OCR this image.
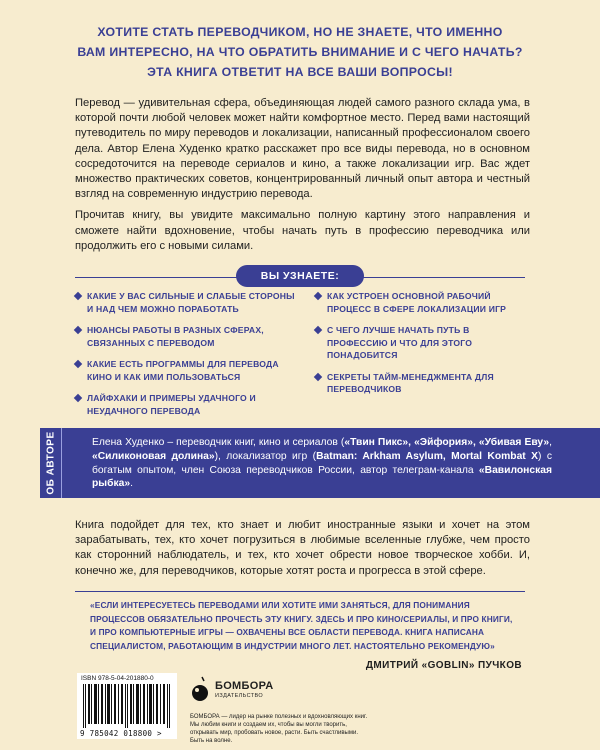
ХОТИТЕ СТАТЬ ПЕРЕВОДЧИКОМ, НО НЕ ЗНАЕТЕ, ЧТО ИМЕННО
ВАМ ИНТЕРЕСНО, НА ЧТО ОБРАТИТЬ ВНИМАНИЕ И С ЧЕГО НАЧАТЬ?
ЭТА КНИГА ОТВЕТИТ НА ВСЕ ВАШИ ВОПРОСЫ!

Перевод — удивительная сфера, объединяющая людей самого разного склада ума, в которой почти любой человек может найти комфортное место. Перед вами настоящий путеводитель по миру переводов и локализации, написанный профессионалом своего дела. Автор Елена Худенко кратко расскажет про все виды перевода, но в основном сосредоточится на переводе сериалов и кино, а также локализации игр. Вас ждет множество практических советов, концентрированный личный опыт автора и честный взгляд на современную индустрию перевода.

Прочитав книгу, вы увидите максимально полную картину этого направления и сможете найти вдохновение, чтобы начать путь в профессию переводчика или продолжить его с новыми силами.

ВЫ УЗНАЕТЕ:
КАКИЕ У ВАС СИЛЬНЫЕ И СЛАБЫЕ СТОРОНЫ И НАД ЧЕМ МОЖНО ПОРАБОТАТЬ
НЮАНСЫ РАБОТЫ В РАЗНЫХ СФЕРАХ, СВЯЗАННЫХ С ПЕРЕВОДОМ
КАКИЕ ЕСТЬ ПРОГРАММЫ ДЛЯ ПЕРЕВОДА КИНО И КАК ИМИ ПОЛЬЗОВАТЬСЯ
ЛАЙФХАКИ И ПРИМЕРЫ УДАЧНОГО И НЕУДАЧНОГО ПЕРЕВОДА
КАК УСТРОЕН ОСНОВНОЙ РАБОЧИЙ ПРОЦЕСС В СФЕРЕ ЛОКАЛИЗАЦИИ ИГР
С ЧЕГО ЛУЧШЕ НАЧАТЬ ПУТЬ В ПРОФЕССИЮ И ЧТО ДЛЯ ЭТОГО ПОНАДОБИТСЯ
СЕКРЕТЫ ТАЙМ-МЕНЕДЖМЕНТА ДЛЯ ПЕРЕВОДЧИКОВ
ОБ АВТОРЕ	Елена Худенко – переводчик книг, кино и сериалов («Твин Пикс», «Эйфория», «Убивая Еву», «Силиконовая долина»), локализатор игр (Batman: Arkham Asylum, Mortal Kombat X) с богатым опытом, член Союза переводчиков России, автор телеграм-канала «Вавилонская рыбка».
Книга подойдет для тех, кто знает и любит иностранные языки и хочет на этом зарабатывать, тех, кто хочет погрузиться в любимые вселенные глубже, чем просто как сторонний наблюдатель, и тех, кто хочет обрести новое творческое хобби. И, конечно же, для переводчиков, которые хотят роста и прогресса в этой сфере.
«ЕСЛИ ИНТЕРЕСУЕТЕСЬ ПЕРЕВОДАМИ ИЛИ ХОТИТЕ ИМИ ЗАНЯТЬСЯ, ДЛЯ ПОНИМАНИЯ ПРОЦЕССОВ ОБЯЗАТЕЛЬНО ПРОЧЕСТЬ ЭТУ КНИГУ. ЗДЕСЬ И ПРО КИНО/СЕРИАЛЫ, И ПРО КНИГИ, И ПРО КОМПЬЮТЕРНЫЕ ИГРЫ — ОХВАЧЕНЫ ВСЕ ОБЛАСТИ ПЕРЕВОДА. КНИГА НАПИСАНА СПЕЦИАЛИСТОМ, РАБОТАЮЩИМ В ИНДУСТРИИ МНОГО ЛЕТ. НАСТОЯТЕЛЬНО РЕКОМЕНДУЮ»
ДМИТРИЙ «GOBLIN» ПУЧКОВ
ISBN 978-5-04-201880-0
9 785042 018800 >
БОМБОРА
ИЗДАТЕЛЬСТВО
БОМБОРА — лидер на рынке полезных и вдохновляющих книг. Мы любим книги и создаем их, чтобы вы могли творить, открывать мир, пробовать новое, расти. Быть счастливыми. Быть на волне.
